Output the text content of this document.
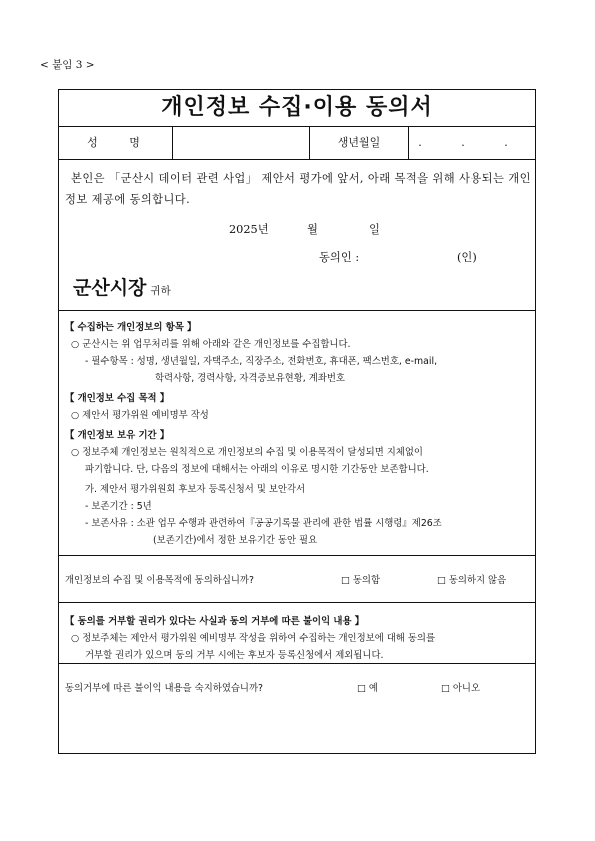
< 붙임 3 >
개인정보 수집·이용 동의서
성 명	생년월일	. . .
본인은 「군산시 데이터 관련 사업」 제안서 평가에 앞서, 아래 목적을 위해 사용되는 개인정보 제공에 동의합니다.
2025년	월	일
동의인 :	(인)
군산시장 귀하
【 수집하는 개인정보의 항목 】
○ 군산시는 위 업무처리를 위해 아래와 같은 개인정보를 수집합니다.
- 필수항목 : 성명, 생년월일, 자택주소, 직장주소, 전화번호, 휴대폰, 팩스번호, e-mail,
학력사항, 경력사항, 자격증보유현황, 계좌번호
【 개인정보 수집 목적 】
○ 제안서 평가위원 예비명부 작성
【 개인정보 보유 기간 】
○ 정보주체 개인정보는 원칙적으로 개인정보의 수집 및 이용목적이 달성되면 지체없이
파기합니다. 단, 다음의 정보에 대해서는 아래의 이유로 명시한 기간동안 보존합니다.
가. 제안서 평가위원회 후보자 등록신청서 및 보안각서
- 보존기간 : 5년
- 보존사유 : 소관 업무 수행과 관련하여『공공기록물 관리에 관한 법률 시행령』제26조
(보존기간)에서 정한 보유기간 동안 필요
개인정보의 수집 및 이용목적에 동의하십니까?	□ 동의함	□ 동의하지 않음
【 동의를 거부할 권리가 있다는 사실과 동의 거부에 따른 불이익 내용 】
○ 정보주체는 제안서 평가위원 예비명부 작성을 위하여 수집하는 개인정보에 대해 동의를
거부할 권리가 있으며 동의 거부 시에는 후보자 등록신청에서 제외됩니다.
동의거부에 따른 불이익 내용을 숙지하였습니까?	□ 예	□ 아니오
